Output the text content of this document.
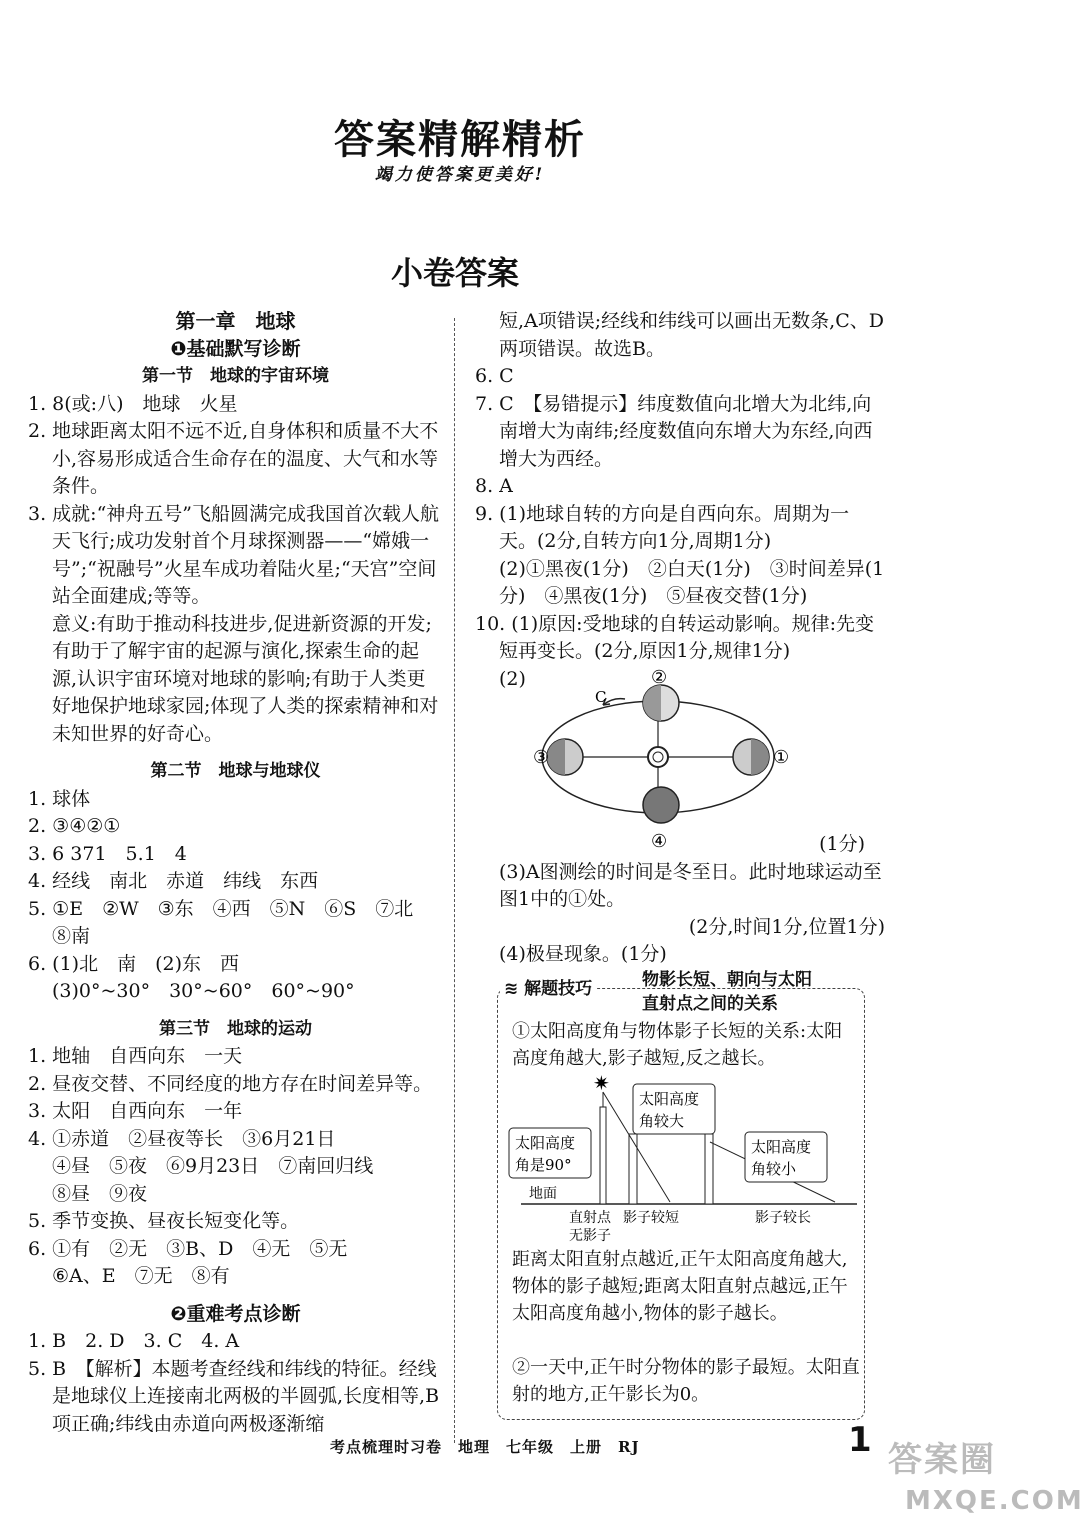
答案精解精析
竭力使答案更美好!
小卷答案
第一章　地球
❶基础默写诊断
第一节　地球的宇宙环境
1. 8(或:八)　地球　火星
2. 地球距离太阳不远不近,自身体积和质量不大不小,容易形成适合生命存在的温度、大气和水等条件。
3. 成就:“神舟五号”飞船圆满完成我国首次载人航天飞行;成功发射首个月球探测器——“嫦娥一号”;“祝融号”火星车成功着陆火星;“天宫”空间站全面建成;等等。
意义:有助于推动科技进步,促进新资源的开发;有助于了解宇宙的起源与演化,探索生命的起源,认识宇宙环境对地球的影响;有助于人类更好地保护地球家园;体现了人类的探索精神和对未知世界的好奇心。
第二节　地球与地球仪
1. 球体
2. ③④②①
3. 6 371　5.1　4
4. 经线　南北　赤道　纬线　东西
5. ①E　②W　③东　④西　⑤N　⑥S　⑦北　⑧南
6. (1)北　南　(2)东　西
(3)0°~30°　30°~60°　60°~90°
第三节　地球的运动
1. 地轴　自西向东　一天
2. 昼夜交替、不同经度的地方存在时间差异等。
3. 太阳　自西向东　一年
4. ①赤道　②昼夜等长　③6月21日
④昼　⑤夜　⑥9月23日　⑦南回归线
⑧昼　⑨夜
5. 季节变换、昼夜长短变化等。
6. ①有　②无　③B、D　④无　⑤无
⑥A、E　⑦无　⑧有
❷重难考点诊断
1. B　2. D　3. C　4. A
5. B　【解析】本题考查经线和纬线的特征。经线是地球仪上连接南北两极的半圆弧,长度相等,B项正确;纬线由赤道向两极逐渐缩
短,A项错误;经线和纬线可以画出无数条,C、D两项错误。故选B。
6. C
7. C　【易错提示】纬度数值向北增大为北纬,向南增大为南纬;经度数值向东增大为东经,向西增大为西经。
8. A
9. (1)地球自转的方向是自西向东。周期为一天。(2分,自转方向1分,周期1分)
(2)①黑夜(1分)　②白天(1分)　③时间差异(1分)　④黑夜(1分)　⑤昼夜交替(1分)
10. (1)原因:受地球的自转运动影响。规律:先变短再变长。(2分,原因1分,规律1分)
(2)
(1分)
(3)A图测绘的时间是冬至日。此时地球运动至图1中的①处。
(2分,时间1分,位置1分)
(4)极昼现象。(1分)
C
②
③	①
④
≋ 解题技巧	物影长短、朝向与太阳
直射点之间的关系
①太阳高度角与物体影子长短的关系:太阳高度角越大,影子越短,反之越长。
✷
太阳高度
角较大
太阳高度
角是90°
太阳高度
角较小
地面
直射点
无影子
影子较短	影子较长
距离太阳直射点越近,正午太阳高度角越大,物体的影子越短;距离太阳直射点越远,正午太阳高度角越小,物体的影子越长。
②一天中,正午时分物体的影子最短。太阳直射的地方,正午影长为0。
考点梳理时习卷　地理　七年级　上册　RJ	1 答案圈
MXQE.COM
